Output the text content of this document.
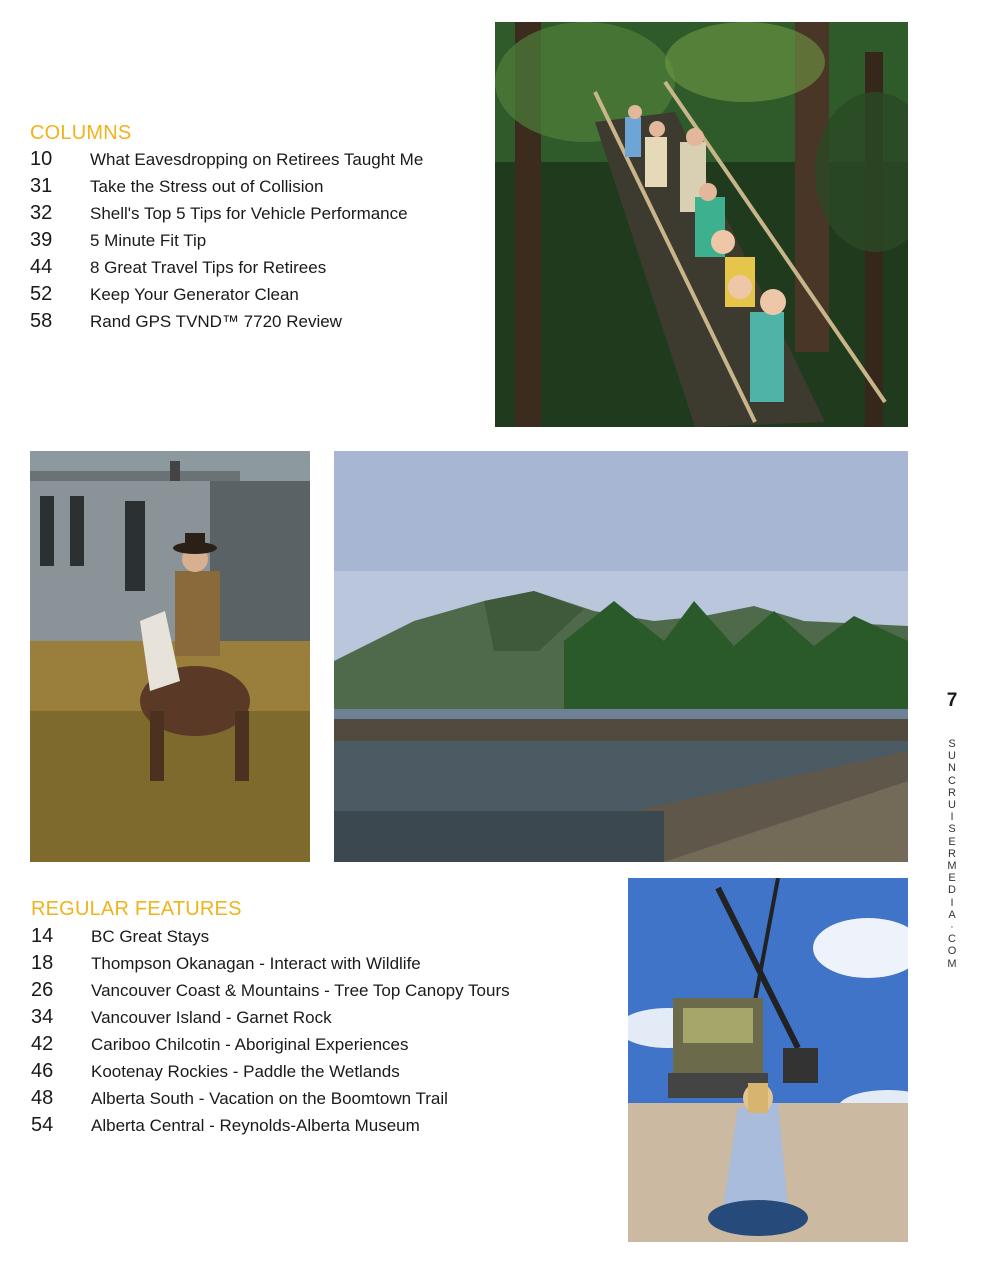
COLUMNS
10	What Eavesdropping on Retirees Taught Me
31	Take the Stress out of Collision
32	Shell's Top 5 Tips for Vehicle Performance
39	5 Minute Fit Tip
44	8 Great Travel Tips for Retirees
52	Keep Your Generator Clean
58	Rand GPS TVND™ 7720 Review
REGULAR FEATURES
14	BC Great Stays
18	Thompson Okanagan - Interact with Wildlife
26	Vancouver Coast & Mountains - Tree Top Canopy Tours
34	Vancouver Island - Garnet Rock
42	Cariboo Chilcotin - Aboriginal Experiences
46	Kootenay Rockies - Paddle the Wetlands
48	Alberta South - Vacation on the Boomtown Trail
54	Alberta Central - Reynolds-Alberta Museum
7
S
U
N
C
R
U
I
S
E
R
M
E
D
I
A
·
C
O
M
